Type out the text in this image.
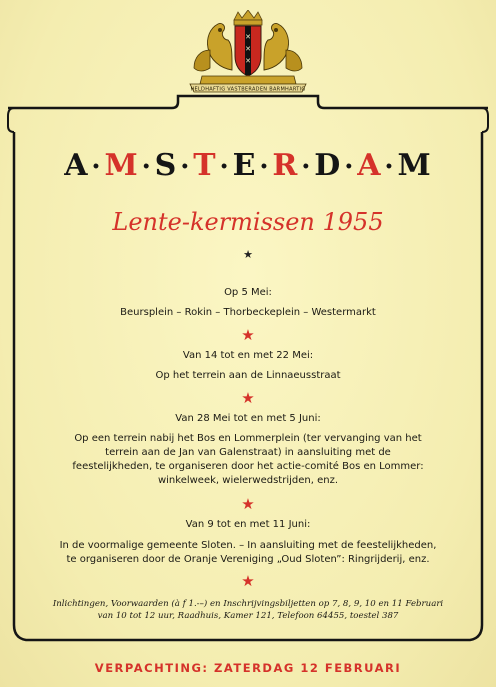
✕
✕
✕
HELDHAFTIG VASTBERADEN BARMHARTIG
A • M • S • T • E • R • D • A • M
Lente-kermissen 1955
★
Op 5 Mei:
Beursplein – Rokin – Thorbeckeplein – Westermarkt
★
Van 14 tot en met 22 Mei:
Op het terrein aan de Linnaeusstraat
★
Van 28 Mei tot en met 5 Juni:
Op een terrein nabij het Bos en Lommerplein (ter vervanging van het
terrein aan de Jan van Galenstraat) in aansluiting met de
feestelijkheden, te organiseren door het actie-comité Bos en Lommer:
winkelweek, wielerwedstrijden, enz.
★
Van 9 tot en met 11 Juni:
In de voormalige gemeente Sloten. – In aansluiting met de feestelijkheden,
te organiseren door de Oranje Vereniging „Oud Sloten”: Ringrijderij, enz.
★
Inlichtingen, Voorwaarden (à f 1.-–) en Inschrijvingsbiljetten op 7, 8, 9, 10 en 11 Februari
van 10 tot 12 uur, Raadhuis, Kamer 121, Telefoon 64455, toestel 387
VERPACHTING: ZATERDAG 12 FEBRUARI
